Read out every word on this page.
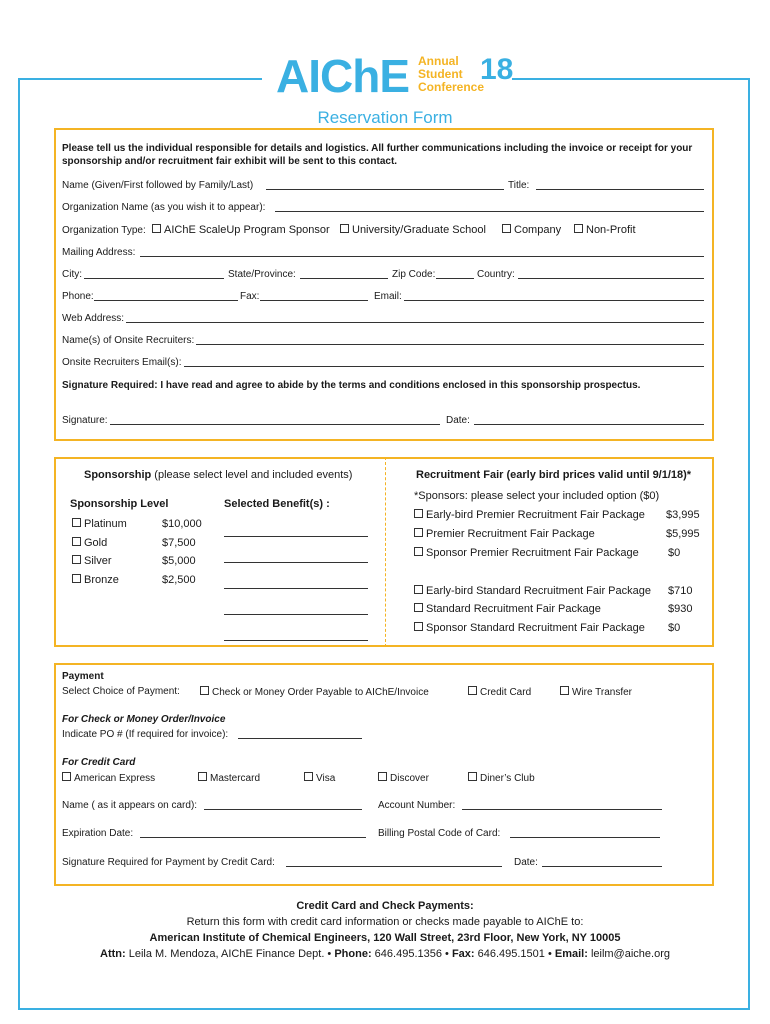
AIChE Annual
Student
Conference
18
Reservation Form
Please tell us the individual responsible for details and logistics. All further communications including the invoice or receipt for your
sponsorship and/or recruitment fair exhibit will be sent to this contact.
Name (Given/First followed by Family/Last)	Title:
Organization Name (as you wish it to appear):
Organization Type:	AIChE ScaleUp Program Sponsor	University/Graduate School	Company	Non-Profit
Mailing Address:
City:	State/Province:	Zip Code:	Country:
Phone:	Fax:	Email:
Web Address:
Name(s) of Onsite Recruiters:
Onsite Recruiters Email(s):
Signature Required: I have read and agree to abide by the terms and conditions enclosed in this sponsorship prospectus.
Signature:	Date:
Sponsorship (please select level and included events)
Sponsorship Level	Selected Benefit(s) :
Platinum	$10,000
Gold	$7,500
Silver	$5,000
Bronze	$2,500
Recruitment Fair (early bird prices valid until 9/1/18)*
*Sponsors: please select your included option ($0)
Early-bird Premier Recruitment Fair Package $3,995
Premier Recruitment Fair Package	$5,995
Sponsor Premier Recruitment Fair Package	$0
Early-bird Standard Recruitment Fair Package $710
Standard Recruitment Fair Package	$930
Sponsor Standard Recruitment Fair Package $0
Payment
Select Choice of Payment:	Check or Money Order Payable to AIChE/Invoice	Credit Card	Wire Transfer
For Check or Money Order/Invoice
Indicate PO # (If required for invoice):
For Credit Card
American Express	Mastercard	Visa	Discover	Diner’s Club
Name ( as it appears on card):	Account Number:
Expiration Date:	Billing Postal Code of Card:
Signature Required for Payment by Credit Card:	Date:
Credit Card and Check Payments:
Return this form with credit card information or checks made payable to AIChE to:
American Institute of Chemical Engineers, 120 Wall Street, 23rd Floor, New York, NY 10005
Attn: Leila M. Mendoza, AIChE Finance Dept. • Phone: 646.495.1356 • Fax: 646.495.1501 • Email: leilm@aiche.org
